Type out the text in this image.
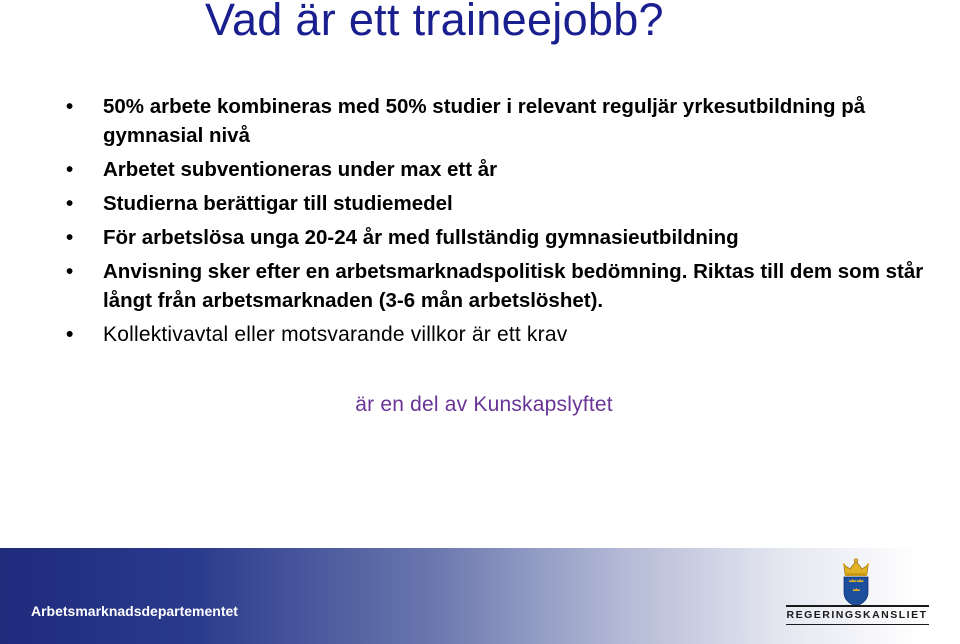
Vad är ett traineejobb?
• 50% arbete kombineras med 50% studier i relevant reguljär yrkesutbildning på gymnasial nivå
• Arbetet subventioneras under max ett år
• Studierna berättigar till studiemedel
• För arbetslösa unga 20-24 år med fullständig gymnasieutbildning
• Anvisning sker efter en arbetsmarknadspolitisk bedömning. Riktas till dem som står långt från arbetsmarknaden (3-6 mån arbetslöshet).
• Kollektivavtal eller motsvarande villkor är ett krav

är en del av Kunskapslyftet

Arbetsmarknadsdepartementet	REGERINGSKANSLIET
